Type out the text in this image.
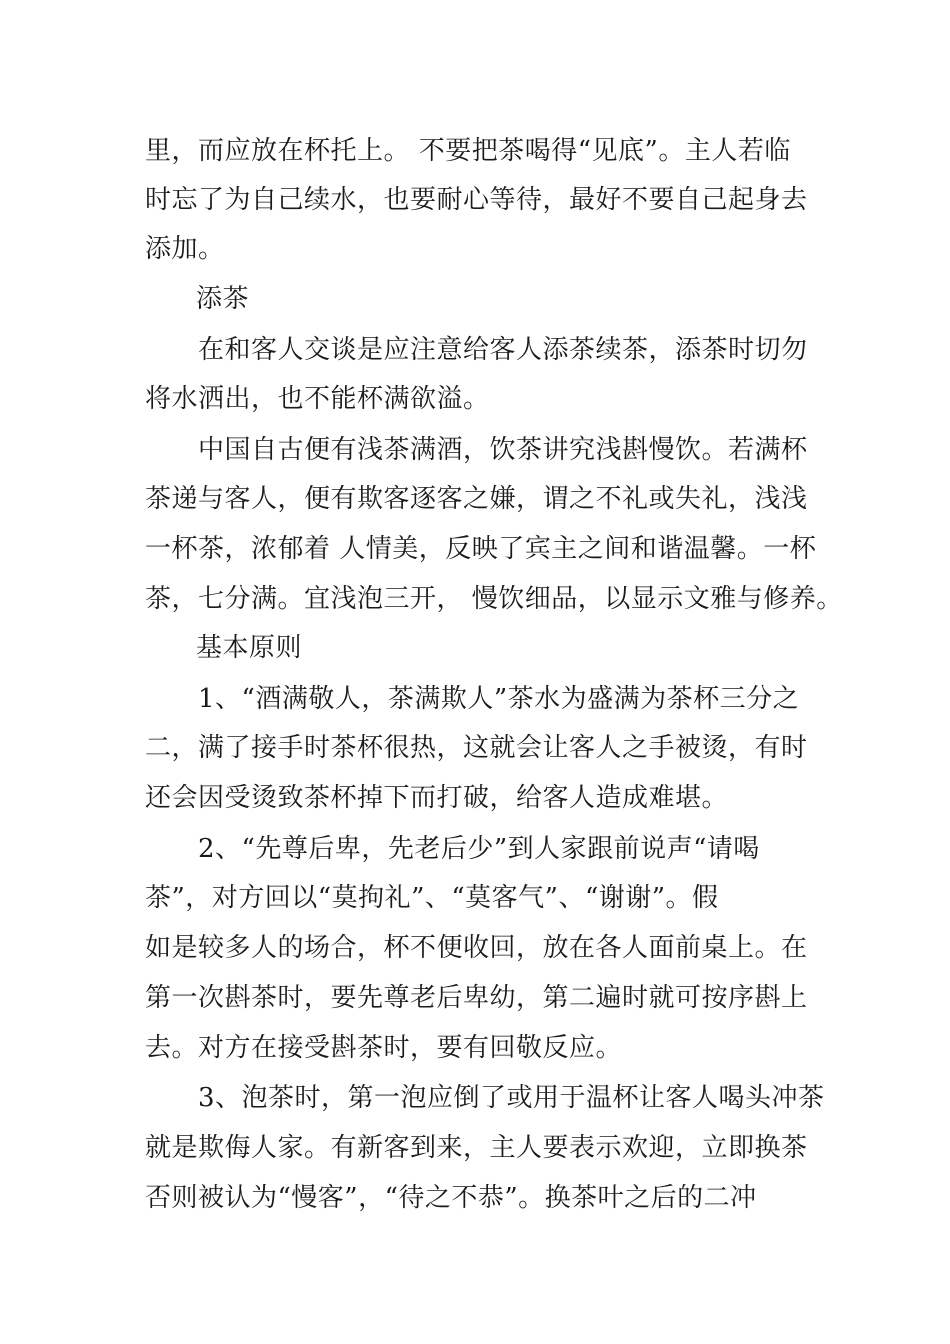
里，而应放在杯托上。 不要把茶喝得“见底”。主人若临
时忘了为自己续水，也要耐心等待，最好不要自己起身去
添加。
添茶
在和客人交谈是应注意给客人添茶续茶，添茶时切勿
将水洒出，也不能杯满欲溢。
中国自古便有浅茶满酒，饮茶讲究浅斟慢饮。若满杯
茶递与客人，便有欺客逐客之嫌，谓之不礼或失礼，浅浅
一杯茶，浓郁着 人情美，反映了宾主之间和谐温馨。一杯
茶，七分满。宜浅泡三开， 慢饮细品，以显示文雅与修养。
基本原则
1、“酒满敬人，茶满欺人”茶水为盛满为茶杯三分之
二，满了接手时茶杯很热，这就会让客人之手被烫，有时
还会因受烫致茶杯掉下而打破，给客人造成难堪。
2、“先尊后卑，先老后少”到人家跟前说声“请喝
茶”，对方回以“莫拘礼”、“莫客气”、“谢谢”。假
如是较多人的场合，杯不便收回，放在各人面前桌上。在
第一次斟茶时，要先尊老后卑幼，第二遍时就可按序斟上
去。对方在接受斟茶时，要有回敬反应。
3、泡茶时，第一泡应倒了或用于温杯让客人喝头冲茶
就是欺侮人家。有新客到来，主人要表示欢迎，立即换茶
否则被认为“慢客”，“待之不恭”。换茶叶之后的二冲
